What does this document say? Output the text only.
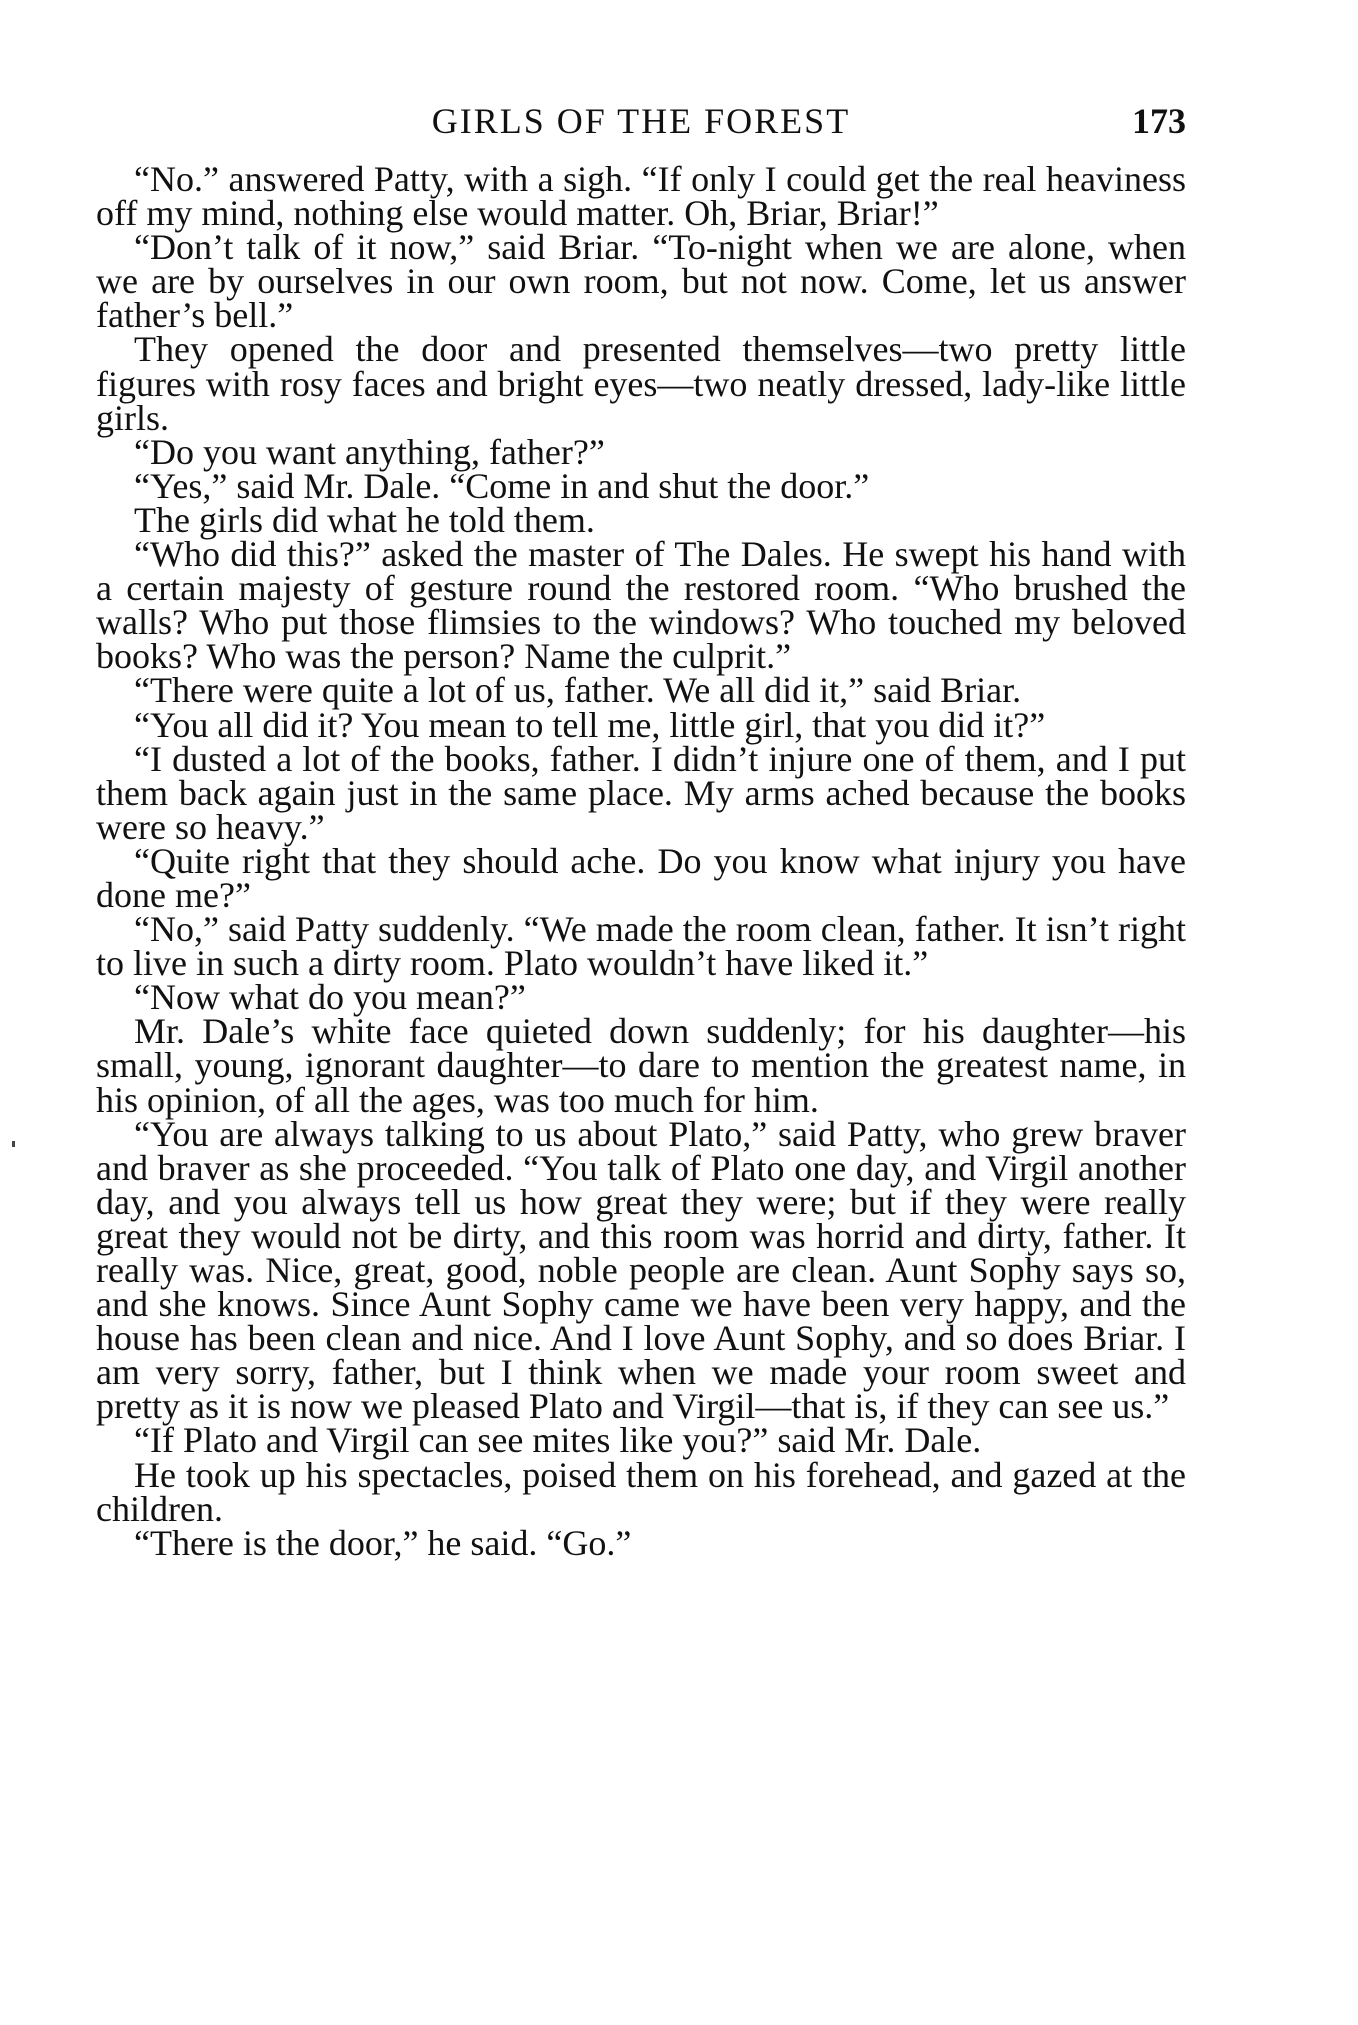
GIRLS OF THE FOREST	173

“No.” answered Patty, with a sigh. “If only I could get the real heaviness off my mind, nothing else would matter. Oh, Briar, Briar!”

“Don’t talk of it now,” said Briar. “To-night when we are alone, when we are by ourselves in our own room, but not now. Come, let us answer father’s bell.”

They opened the door and presented themselves—two pretty little figures with rosy faces and bright eyes—two neatly dressed, lady-like little girls.

“Do you want anything, father?”

“Yes,” said Mr. Dale. “Come in and shut the door.”

The girls did what he told them.

“Who did this?” asked the master of The Dales. He swept his hand with a certain majesty of gesture round the restored room. “Who brushed the walls? Who put those flimsies to the windows? Who touched my beloved books? Who was the person? Name the culprit.”

“There were quite a lot of us, father. We all did it,” said Briar.

“You all did it? You mean to tell me, little girl, that you did it?”

“I dusted a lot of the books, father. I didn’t injure one of them, and I put them back again just in the same place. My arms ached because the books were so heavy.”

“Quite right that they should ache. Do you know what injury you have done me?”

“No,” said Patty suddenly. “We made the room clean, father. It isn’t right to live in such a dirty room. Plato wouldn’t have liked it.”

“Now what do you mean?”

Mr. Dale’s white face quieted down suddenly; for his daughter—his small, young, ignorant daughter—to dare to mention the greatest name, in his opinion, of all the ages, was too much for him.

“You are always talking to us about Plato,” said Patty, who grew braver and braver as she proceeded. “You talk of Plato one day, and Virgil another day, and you always tell us how great they were; but if they were really great they would not be dirty, and this room was horrid and dirty, father. It really was. Nice, great, good, noble people are clean. Aunt Sophy says so, and she knows. Since Aunt Sophy came we have been very happy, and the house has been clean and nice. And I love Aunt Sophy, and so does Briar. I am very sorry, father, but I think when we made your room sweet and pretty as it is now we pleased Plato and Virgil—that is, if they can see us.”

“If Plato and Virgil can see mites like you?” said Mr. Dale.

He took up his spectacles, poised them on his forehead, and gazed at the children.

“There is the door,” he said. “Go.”
